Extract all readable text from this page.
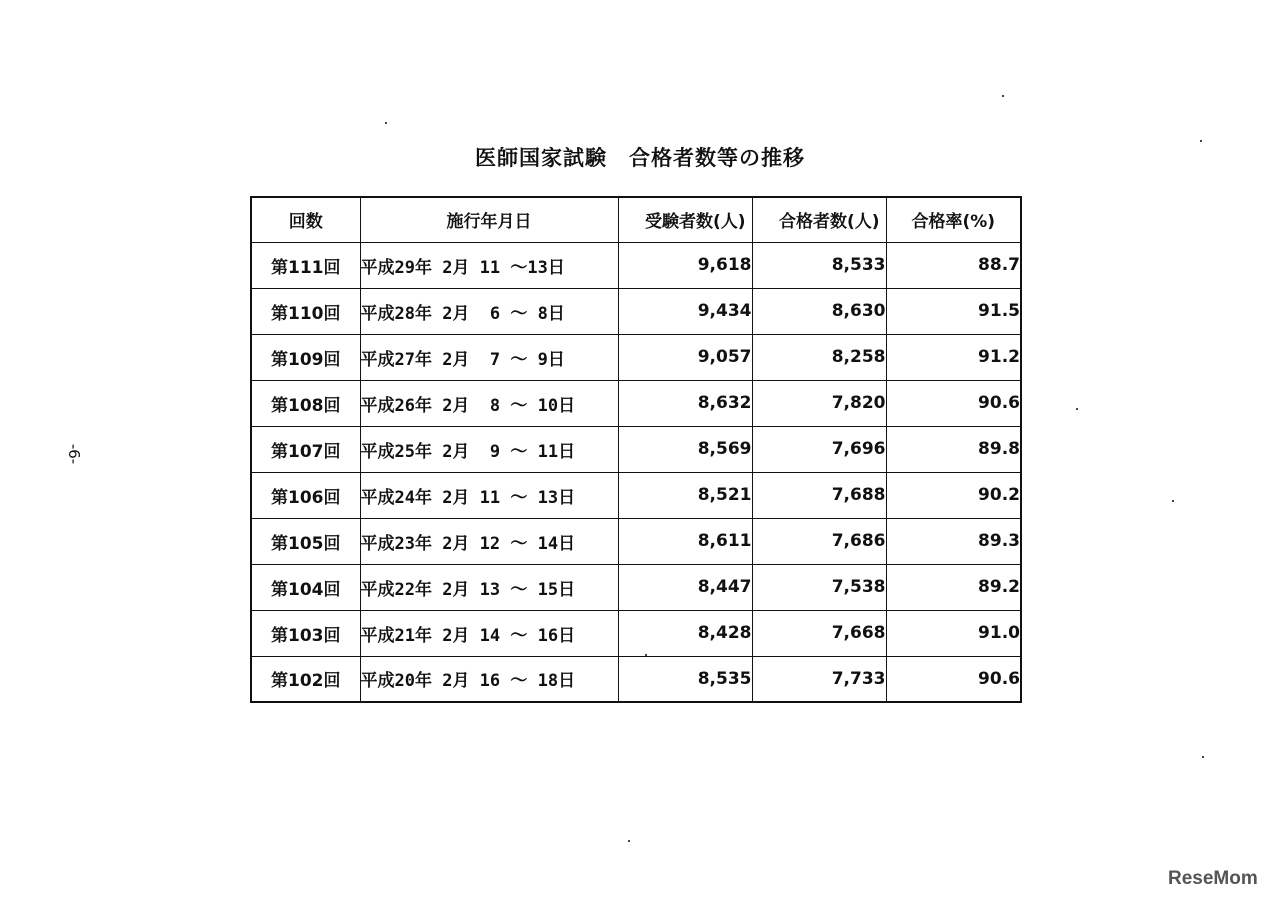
医師国家試験　合格者数等の推移
-6-
回数	施行年月日	受験者数(人)	合格者数(人)	合格率(%)
第111回	平成29年 2月 11 ～13日	9,618	8,533	88.7
第110回	平成28年 2月  6 ～ 8日	9,434	8,630	91.5
第109回	平成27年 2月  7 ～ 9日	9,057	8,258	91.2
第108回	平成26年 2月  8 ～ 10日	8,632	7,820	90.6
第107回	平成25年 2月  9 ～ 11日	8,569	7,696	89.8
第106回	平成24年 2月 11 ～ 13日	8,521	7,688	90.2
第105回	平成23年 2月 12 ～ 14日	8,611	7,686	89.3
第104回	平成22年 2月 13 ～ 15日	8,447	7,538	89.2
第103回	平成21年 2月 14 ～ 16日	8,428	7,668	91.0
第102回	平成20年 2月 16 ～ 18日	8,535	7,733	90.6
ReseMom
